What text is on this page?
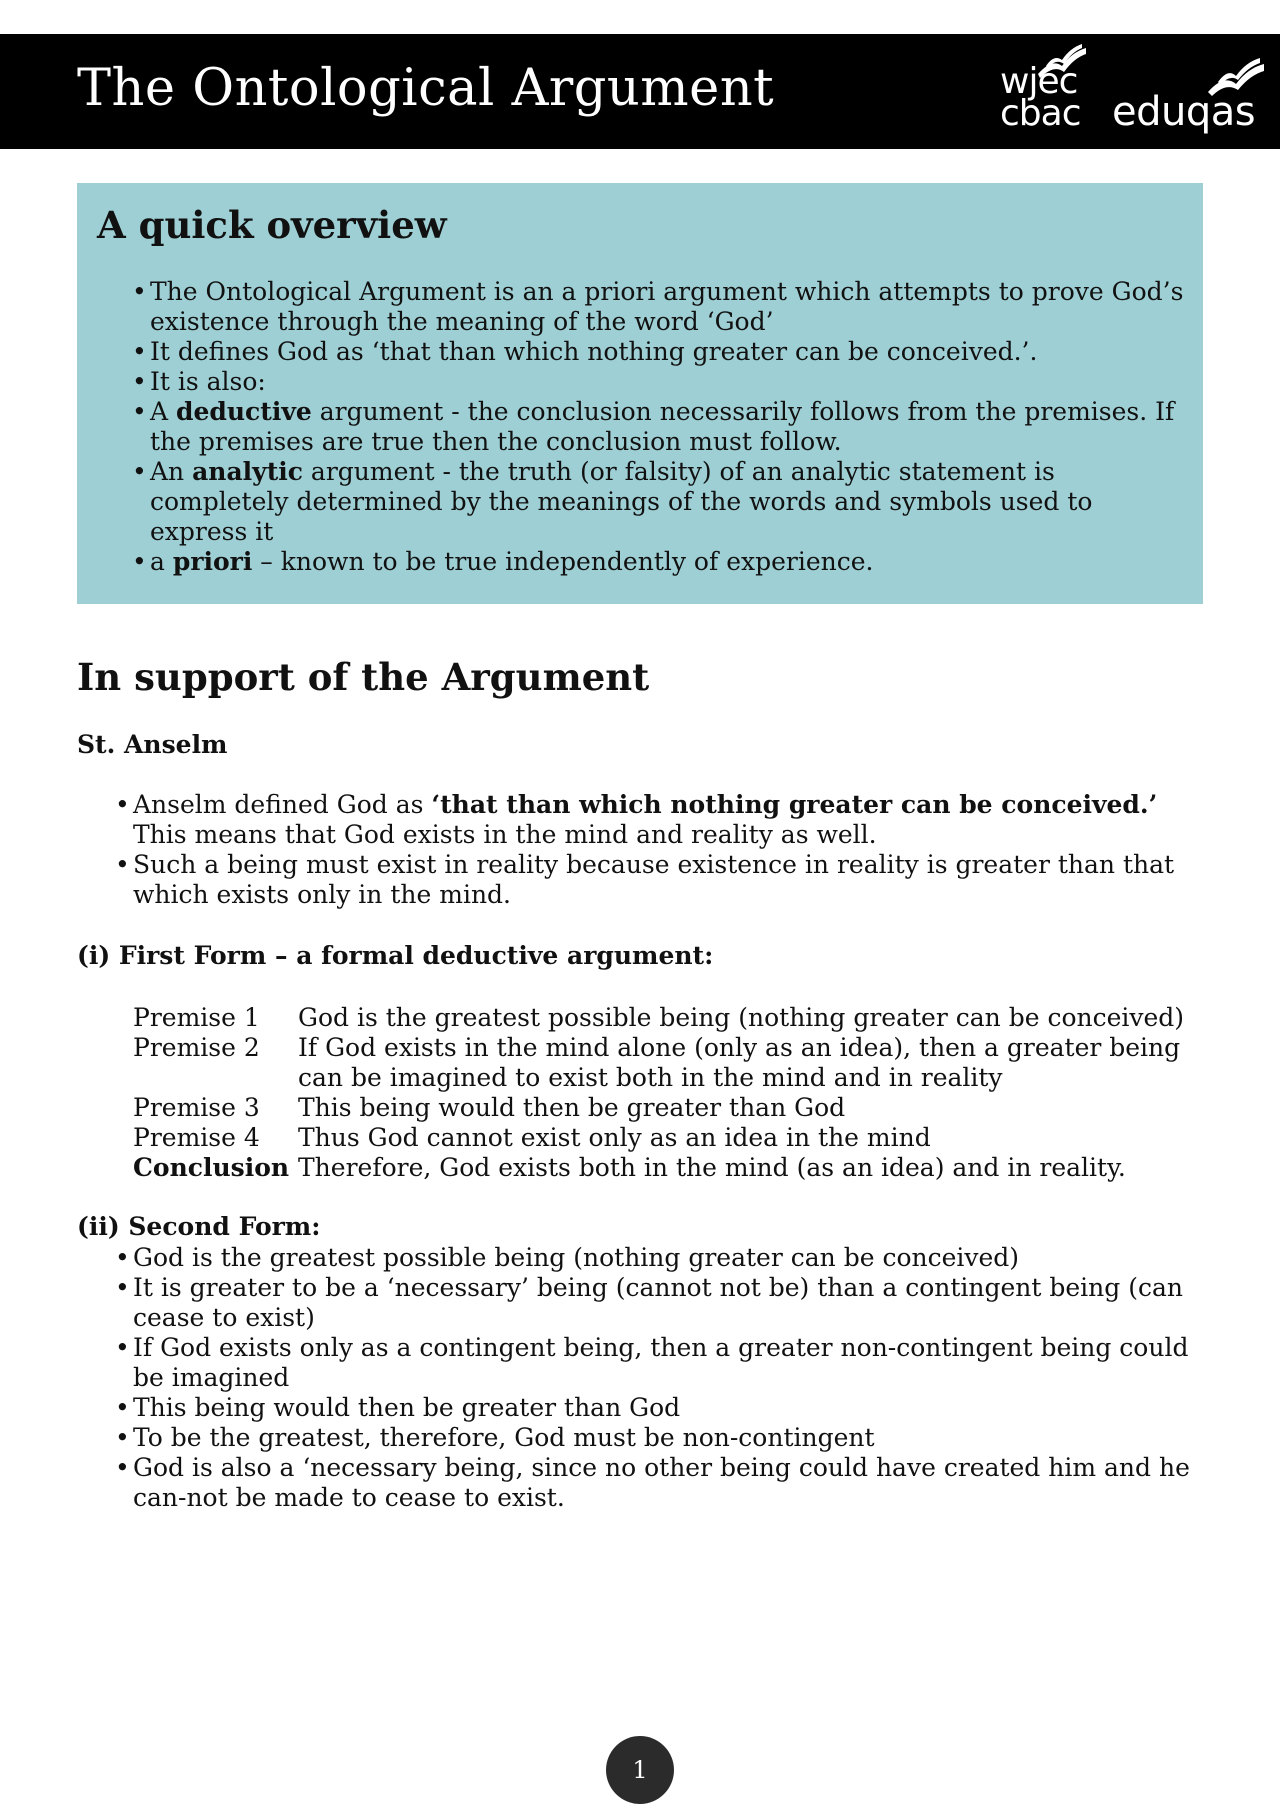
The Ontological Argument	wjec
cbac eduqas
A quick overview
• The Ontological Argument is an a priori argument which attempts to prove God’s existence through the meaning of the word ‘God’
• It defines God as ‘that than which nothing greater can be conceived.’.
• It is also:
• A deductive argument - the conclusion necessarily follows from the premises. If the premises are true then the conclusion must follow.
• An analytic argument - the truth (or falsity) of an analytic statement is completely determined by the meanings of the words and symbols used to express it
• a priori – known to be true independently of experience.
In support of the Argument
St. Anselm
• Anselm defined God as ‘that than which nothing greater can be conceived.’ This means that God exists in the mind and reality as well.
• Such a being must exist in reality because existence in reality is greater than that which exists only in the mind.
(i) First Form – a formal deductive argument:
Premise 1	God is the greatest possible being (nothing greater can be conceived)
Premise 2	If God exists in the mind alone (only as an idea), then a greater being can be imagined to exist both in the mind and in reality
Premise 3	This being would then be greater than God
Premise 4	Thus God cannot exist only as an idea in the mind
Conclusion Therefore, God exists both in the mind (as an idea) and in reality.
(ii) Second Form:
• God is the greatest possible being (nothing greater can be conceived)
• It is greater to be a ‘necessary’ being (cannot not be) than a contingent being (can cease to exist)
• If God exists only as a contingent being, then a greater non-contingent being could be imagined
• This being would then be greater than God
• To be the greatest, therefore, God must be non-contingent
• God is also a ‘necessary being, since no other being could have created him and he can-not be made to cease to exist.
1
